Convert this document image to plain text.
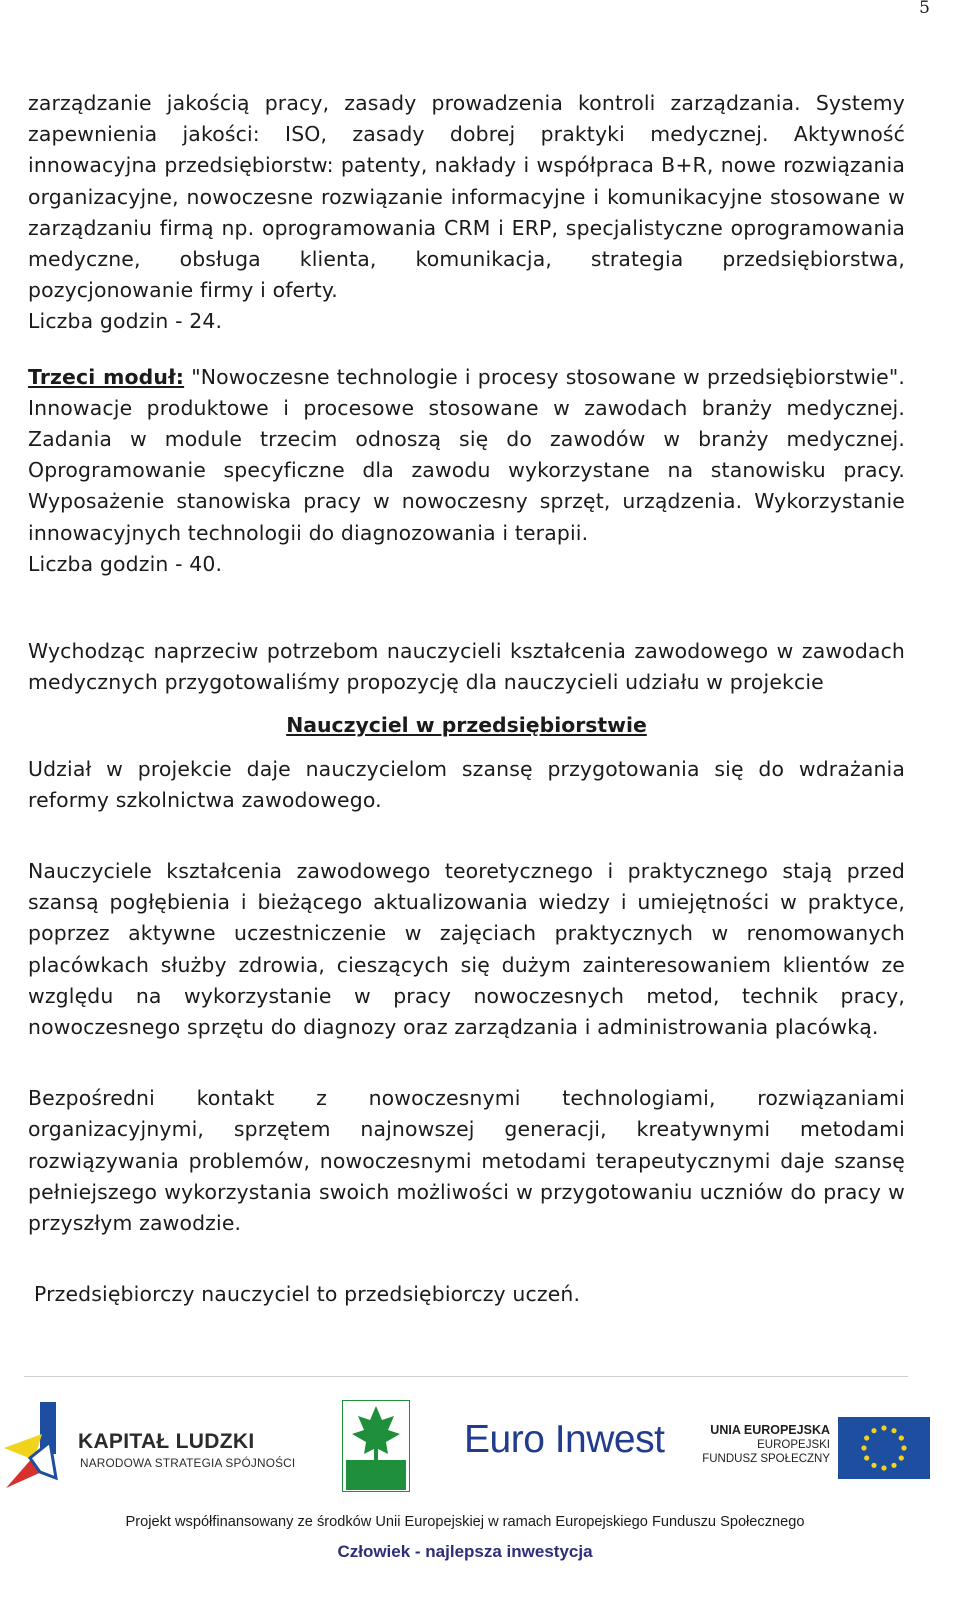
5

zarządzanie jakością pracy, zasady prowadzenia kontroli zarządzania. Systemy zapewnienia jakości: ISO, zasady dobrej praktyki medycznej. Aktywność innowacyjna przedsiębiorstw: patenty, nakłady i współpraca B+R, nowe rozwiązania organizacyjne, nowoczesne rozwiązanie informacyjne i komunikacyjne stosowane w zarządzaniu firmą np. oprogramowania CRM i ERP, specjalistyczne oprogramowania medyczne, obsługa klienta, komunikacja, strategia przedsiębiorstwa, pozycjonowanie firmy i oferty.

Liczba godzin - 24.

Trzeci moduł: "Nowoczesne technologie i procesy stosowane w przedsiębiorstwie". Innowacje produktowe i procesowe stosowane w zawodach branży medycznej. Zadania w module trzecim odnoszą się do zawodów w branży medycznej. Oprogramowanie specyficzne dla zawodu wykorzystane na stanowisku pracy. Wyposażenie stanowiska pracy w nowoczesny sprzęt, urządzenia. Wykorzystanie innowacyjnych technologii do diagnozowania i terapii.

Liczba godzin - 40.

Wychodząc naprzeciw potrzebom nauczycieli kształcenia zawodowego w zawodach medycznych przygotowaliśmy propozycję dla nauczycieli udziału w projekcie

Nauczyciel w przedsiębiorstwie

Udział w projekcie daje nauczycielom szansę przygotowania się do wdrażania reformy szkolnictwa zawodowego.

Nauczyciele kształcenia zawodowego teoretycznego i praktycznego stają przed szansą pogłębienia i bieżącego aktualizowania wiedzy i umiejętności w praktyce, poprzez aktywne uczestniczenie w zajęciach praktycznych w renomowanych placówkach służby zdrowia, cieszących się dużym zainteresowaniem klientów ze względu na wykorzystanie w pracy nowoczesnych metod, technik pracy, nowoczesnego sprzętu do diagnozy oraz zarządzania i administrowania placówką.

Bezpośredni kontakt z nowoczesnymi technologiami, rozwiązaniami organizacyjnymi, sprzętem najnowszej generacji, kreatywnymi metodami rozwiązywania problemów, nowoczesnymi metodami terapeutycznymi daje szansę pełniejszego wykorzystania swoich możliwości w przygotowaniu uczniów do pracy w przyszłym zawodzie.

Przedsiębiorczy nauczyciel to przedsiębiorczy uczeń.

KAPITAŁ LUDZKI
NARODOWA STRATEGIA SPÓJNOŚCI
Euro Inwest	UNIA EUROPEJSKA
EUROPEJSKI
FUNDUSZ SPOŁECZNY
Projekt współfinansowany ze środków Unii Europejskiej w ramach Europejskiego Funduszu Społecznego
Człowiek - najlepsza inwestycja
